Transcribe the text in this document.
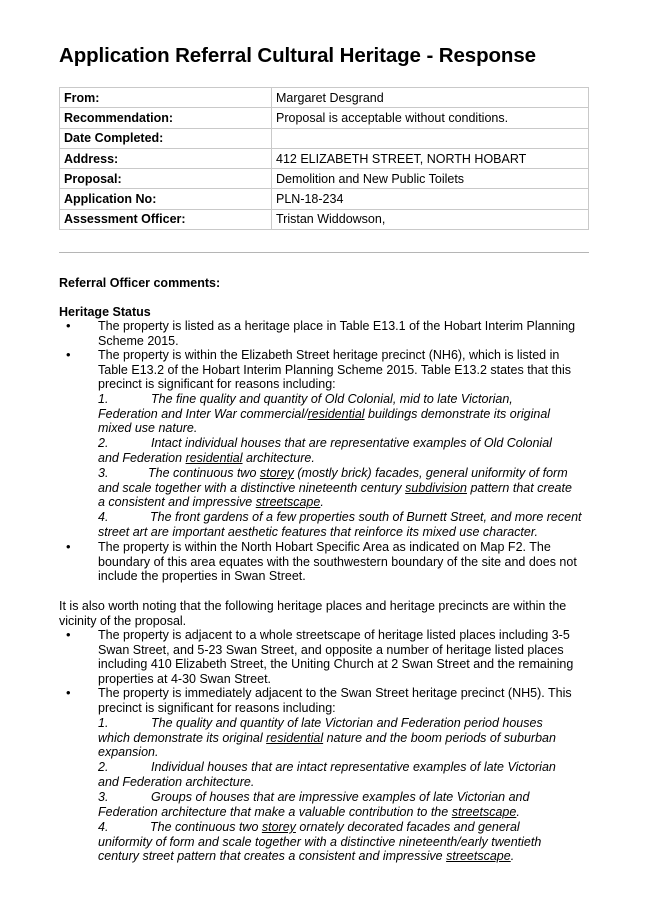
Application Referral Cultural Heritage - Response
From:	Margaret Desgrand
Recommendation:	Proposal is acceptable without conditions.
Date Completed:	
Address:	412 ELIZABETH STREET, NORTH HOBART
Proposal:	Demolition and New Public Toilets
Application No:	PLN-18-234
Assessment Officer:	Tristan Widdowson,
Referral Officer comments:
Heritage Status
• The property is listed as a heritage place in Table E13.1 of the Hobart Interim Planning
Scheme 2015.
• The property is within the Elizabeth Street heritage precinct (NH6), which is listed in
Table E13.2 of the Hobart Interim Planning Scheme 2015. Table E13.2 states that this
precinct is significant for reasons including:
1.	The fine quality and quantity of Old Colonial, mid to late Victorian,
Federation and Inter War commercial/residential buildings demonstrate its original
mixed use nature.
2.	Intact individual houses that are representative examples of Old Colonial
and Federation residential architecture.
3.	The continuous two storey (mostly brick) facades, general uniformity of form
and scale together with a distinctive nineteenth century subdivision pattern that create
a consistent and impressive streetscape.
4.	The front gardens of a few properties south of Burnett Street, and more recent
street art are important aesthetic features that reinforce its mixed use character.
• The property is within the North Hobart Specific Area as indicated on Map F2. The
boundary of this area equates with the southwestern boundary of the site and does not
include the properties in Swan Street.
It is also worth noting that the following heritage places and heritage precincts are within the
vicinity of the proposal.
• The property is adjacent to a whole streetscape of heritage listed places including 3-5
Swan Street, and 5-23 Swan Street, and opposite a number of heritage listed places
including 410 Elizabeth Street, the Uniting Church at 2 Swan Street and the remaining
properties at 4-30 Swan Street.
• The property is immediately adjacent to the Swan Street heritage precinct (NH5). This
precinct is significant for reasons including:
1.	The quality and quantity of late Victorian and Federation period houses
which demonstrate its original residential nature and the boom periods of suburban
expansion.
2.	Individual houses that are intact representative examples of late Victorian
and Federation architecture.
3.	Groups of houses that are impressive examples of late Victorian and
Federation architecture that make a valuable contribution to the streetscape.
4.	The continuous two storey ornately decorated facades and general
uniformity of form and scale together with a distinctive nineteenth/early twentieth
century street pattern that creates a consistent and impressive streetscape.
